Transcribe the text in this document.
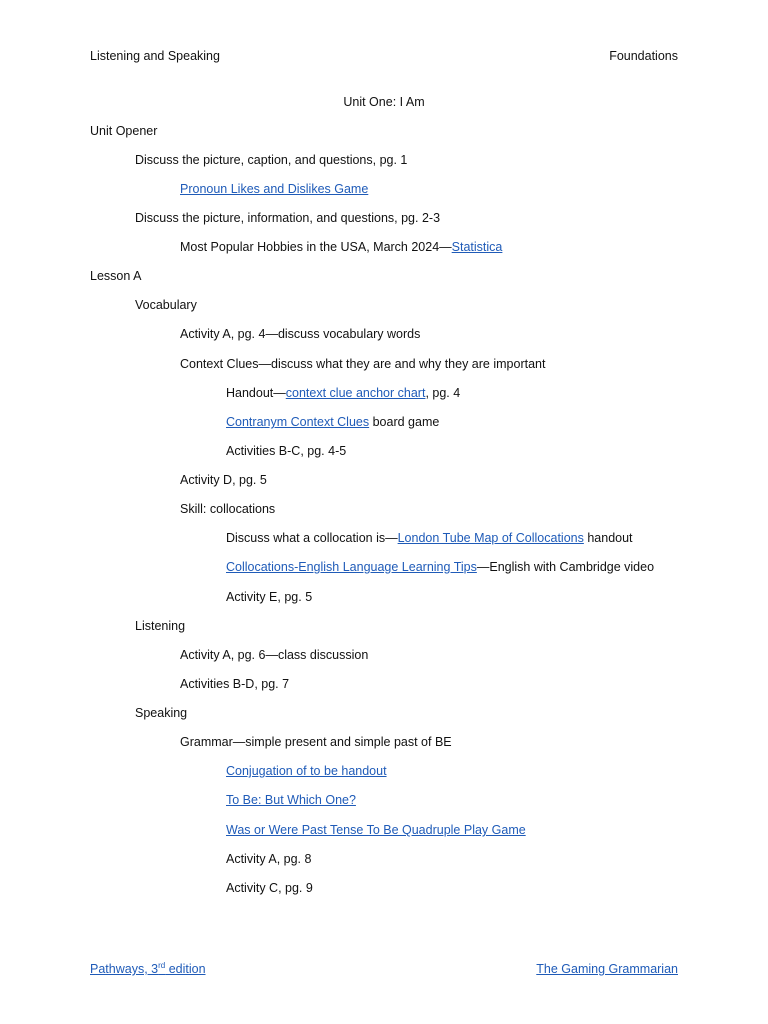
Listening and Speaking	Foundations
Unit One: I Am
Unit Opener
Discuss the picture, caption, and questions, pg. 1
Pronoun Likes and Dislikes Game
Discuss the picture, information, and questions, pg. 2-3
Most Popular Hobbies in the USA, March 2024—Statistica
Lesson A
Vocabulary
Activity A, pg. 4—discuss vocabulary words
Context Clues—discuss what they are and why they are important
Handout—context clue anchor chart, pg. 4
Contranym Context Clues board game
Activities B-C, pg. 4-5
Activity D, pg. 5
Skill: collocations
Discuss what a collocation is—London Tube Map of Collocations handout
Collocations-English Language Learning Tips—English with Cambridge video
Activity E, pg. 5
Listening
Activity A, pg. 6—class discussion
Activities B-D, pg. 7
Speaking
Grammar—simple present and simple past of BE
Conjugation of to be handout
To Be: But Which One?
Was or Were Past Tense To Be Quadruple Play Game
Activity A, pg. 8
Activity C, pg. 9
Pathways, 3rd edition	The Gaming Grammarian
